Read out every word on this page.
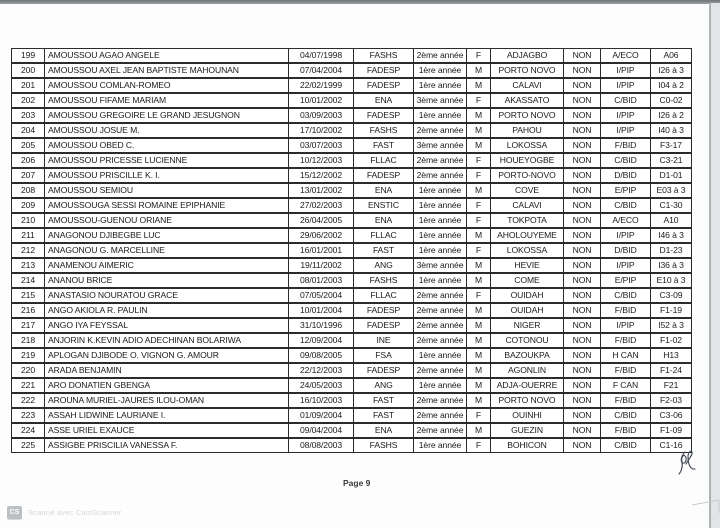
199	AMOUSSOU AGAO ANGELE	04/07/1998	FASHS	2ème année	F	ADJAGBO	NON	A/ECO	A06
200	AMOUSSOU AXEL JEAN BAPTISTE MAHOUNAN	07/04/2004	FADESP	1ère année	M	PORTO NOVO	NON	I/PIP	I26 à 3
201	AMOUSSOU COMLAN-ROMEO	22/02/1999	FADESP	1ère année	M	CALAVI	NON	I/PIP	I04 à 2
202	AMOUSSOU FIFAME MARIAM	10/01/2002	ENA	3ème année	F	AKASSATO	NON	C/BID	C0-02
203	AMOUSSOU GREGOIRE LE GRAND JESUGNON	03/09/2003	FADESP	1ère année	M	PORTO NOVO	NON	I/PIP	I26 à 2
204	AMOUSSOU JOSUE M.	17/10/2002	FASHS	2ème année	M	PAHOU	NON	I/PIP	I40 à 3
205	AMOUSSOU OBED C.	03/07/2003	FAST	3ème année	M	LOKOSSA	NON	F/BID	F3-17
206	AMOUSSOU PRICESSE LUCIENNE	10/12/2003	FLLAC	2ème année	F	HOUEYOGBE	NON	C/BID	C3-21
207	AMOUSSOU PRISCILLE K. I.	15/12/2002	FADESP	2ème année	F	PORTO-NOVO	NON	D/BID	D1-01
208	AMOUSSOU SEMIOU	13/01/2002	ENA	1ère année	M	COVE	NON	E/PIP	E03 à 3
209	AMOUSSOUGA SESSI ROMAINE EPIPHANIE	27/02/2003	ENSTIC	1ère année	F	CALAVI	NON	C/BID	C1-30
210	AMOUSSOU-GUENOU ORIANE	26/04/2005	ENA	1ère année	F	TOKPOTA	NON	A/ECO	A10
211	ANAGONOU DJIBEGBE LUC	29/06/2002	FLLAC	1ère année	M	AHOLOUYEME	NON	I/PIP	I46 à 3
212	ANAGONOU G. MARCELLINE	16/01/2001	FAST	1ère année	F	LOKOSSA	NON	D/BID	D1-23
213	ANAMENOU AIMERIC	19/11/2002	ANG	3ème année	M	HEVIE	NON	I/PIP	I36 à 3
214	ANANOU BRICE	08/01/2003	FASHS	1ère année	M	COME	NON	E/PIP	E10 à 3
215	ANASTASIO NOURATOU GRACE	07/05/2004	FLLAC	2ème année	F	OUIDAH	NON	C/BID	C3-09
216	ANGO AKIOLA R. PAULIN	10/01/2004	FADESP	2ème année	M	OUIDAH	NON	F/BID	F1-19
217	ANGO IYA FEYSSAL	31/10/1996	FADESP	2ème année	M	NIGER	NON	I/PIP	I52 à 3
218	ANJORIN K.KEVIN ADIO ADECHINAN BOLARIWA	12/09/2004	INE	2ème année	M	COTONOU	NON	F/BID	F1-02
219	APLOGAN DJIBODE O. VIGNON G. AMOUR	09/08/2005	FSA	1ère année	M	BAZOUKPA	NON	H CAN	H13
220	ARADA BENJAMIN	22/12/2003	FADESP	2ème année	M	AGONLIN	NON	F/BID	F1-24
221	ARO DONATIEN GBENGA	24/05/2003	ANG	1ère année	M	ADJA-OUERRE	NON	F CAN	F21
222	AROUNA MURIEL-JAURES ILOU-OMAN	16/10/2003	FAST	2ème année	M	PORTO NOVO	NON	F/BID	F2-03
223	ASSAH LIDWINE LAURIANE I.	01/09/2004	FAST	2ème année	F	OUINHI	NON	C/BID	C3-06
224	ASSE URIEL EXAUCE	09/04/2004	ENA	2ème année	M	GUEZIN	NON	F/BID	F1-09
225	ASSIGBE PRISCILIA VANESSA F.	08/08/2003	FASHS	1ère année	F	BOHICON	NON	C/BID	C1-16
Page 9
CS	Scanné avec CamScanner
